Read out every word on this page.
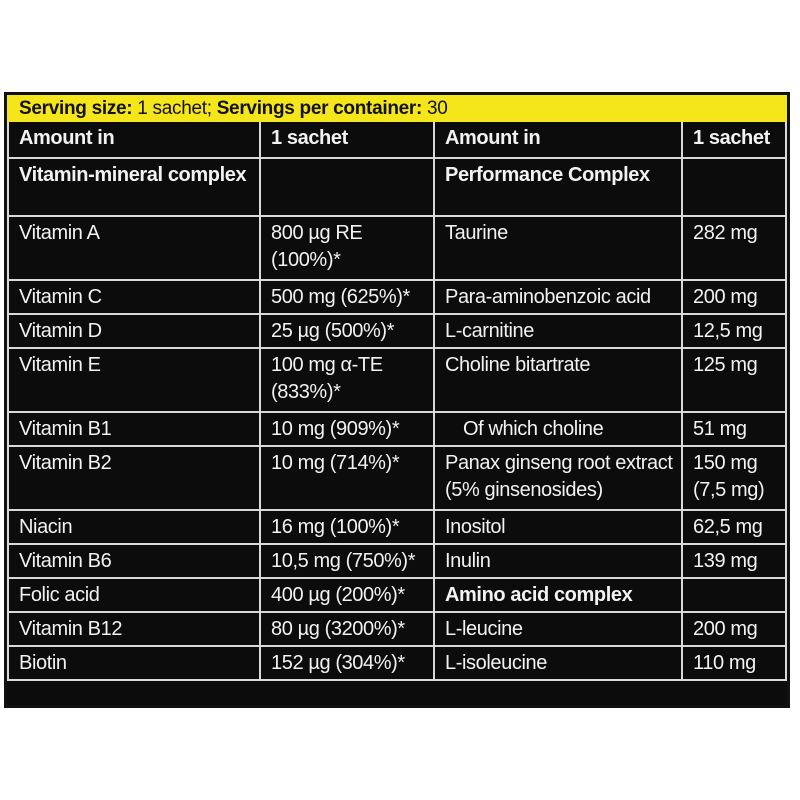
Serving size: 1 sachet; Servings per container: 30
Amount in	1 sachet	Amount in	1 sachet
Vitamin-mineral complex		Performance Complex	
Vitamin A	800 µg RE (100%)*	Taurine	282 mg
Vitamin C	500 mg (625%)*	Para-aminobenzoic acid	200 mg
Vitamin D	25 µg (500%)*	L-carnitine	12,5 mg
Vitamin E	100 mg α-TE (833%)*	Choline bitartrate	125 mg
Vitamin B1	10 mg (909%)*	Of which choline	51 mg
Vitamin B2	10 mg (714%)*	Panax ginseng root extract (5% ginsenosides)	150 mg (7,5 mg)
Niacin	16 mg (100%)*	Inositol	62,5 mg
Vitamin B6	10,5 mg (750%)*	Inulin	139 mg
Folic acid	400 µg (200%)*	Amino acid complex	
Vitamin B12	80 µg (3200%)*	L-leucine	200 mg
Biotin	152 µg (304%)*	L-isoleucine	110 mg
